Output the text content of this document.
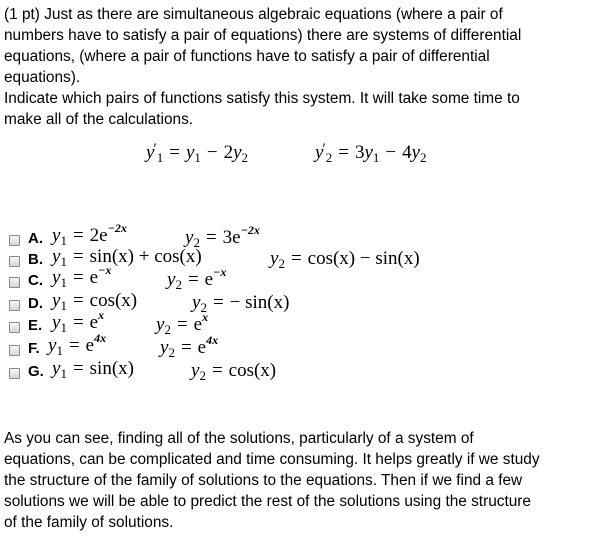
(1 pt) Just as there are simultaneous algebraic equations (where a pair of
numbers have to satisfy a pair of equations) there are systems of differential
equations, (where a pair of functions have to satisfy a pair of differential
equations).
Indicate which pairs of functions satisfy this system. It will take some time to
make all of the calculations.
$y'_1 = y_1 - 2y_2$	$y'_2 = 3y_1 - 4y_2$
A. $y_1 = 2e^{-2x}$	$y_2 = 3e^{-2x}$
B. $y_1 = \sin(x) + \cos(x)$	$y_2 = \cos(x) - \sin(x)$
C. $y_1 = e^{-x}$	$y_2 = e^{-x}$
D. $y_1 = \cos(x)$	$y_2$ = − sin(x)
E. $y_1 = e^x$	$y_2 = e^x$
F. $y_1 = e^{4x}$	$y_2 = e^{4x}$
G. $y_1 = \sin(x)$	$y_2 = \cos(x)$
As you can see, finding all of the solutions, particularly of a system of
equations, can be complicated and time consuming. It helps greatly if we study
the structure of the family of solutions to the equations. Then if we find a few
solutions we will be able to predict the rest of the solutions using the structure
of the family of solutions.
